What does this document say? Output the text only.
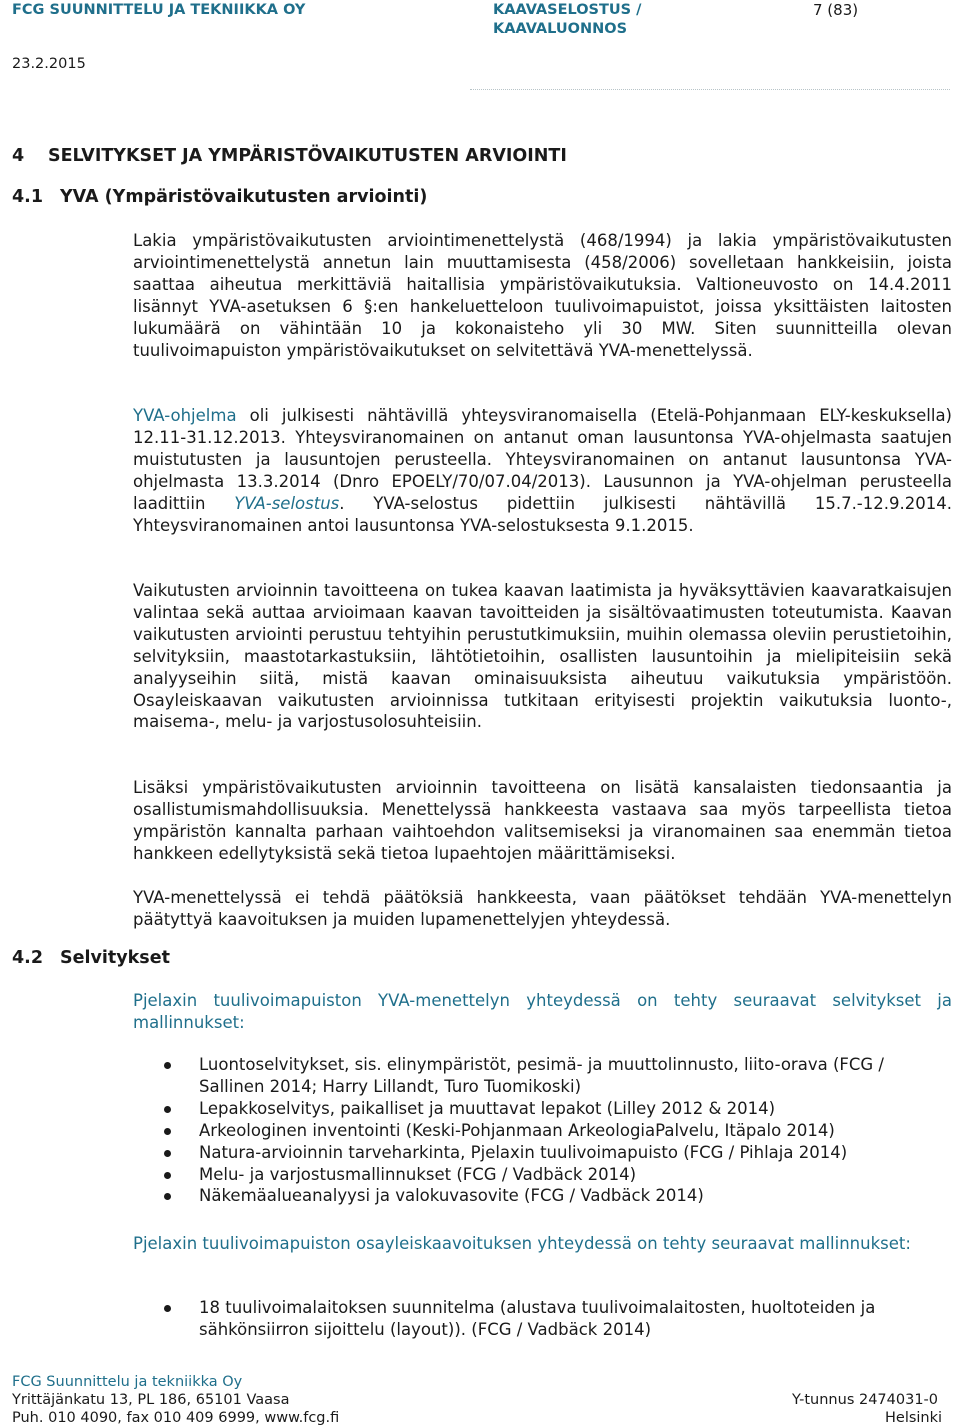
FCG SUUNNITTELU JA TEKNIIKKA OY	KAAVASELOSTUS /
KAAVALUONNOS
7 (83)
23.2.2015
4 SELVITYKSET JA YMPÄRISTÖVAIKUTUSTEN ARVIOINTI
4.1 YVA (Ympäristövaikutusten arviointi)
Lakia ympäristövaikutusten arviointimenettelystä (468/1994) ja lakia ympäristövaikutusten arviointimenettelystä annetun lain muuttamisesta (458/2006) sovelletaan hankkeisiin, joista saattaa aiheutua merkittäviä haitallisia ympäristövaikutuksia. Valtioneuvosto on 14.4.2011 lisännyt YVA-asetuksen 6 §:en hankeluetteloon tuulivoimapuistot, joissa yksittäisten laitosten lukumäärä on vähintään 10 ja kokonaisteho yli 30 MW. Siten suunnitteilla olevan tuulivoimapuiston ympäristövaikutukset on selvitettävä YVA-menettelyssä.
YVA-ohjelma oli julkisesti nähtävillä yhteysviranomaisella (Etelä-Pohjanmaan ELY-keskuksella) 12.11-31.12.2013. Yhteysviranomainen on antanut oman lausuntonsa YVA-ohjelmasta saatujen muistutusten ja lausuntojen perusteella. Yhteysviranomainen on antanut lausuntonsa YVA-ohjelmasta 13.3.2014 (Dnro EPOELY/70/07.04/2013). Lausunnon ja YVA-ohjelman perusteella laadittiin YVA-selostus. YVA-selostus pidettiin julkisesti nähtävillä 15.7.-12.9.2014. Yhteysviranomainen antoi lausuntonsa YVA-selostuksesta 9.1.2015.
Vaikutusten arvioinnin tavoitteena on tukea kaavan laatimista ja hyväksyttävien kaavaratkaisujen valintaa sekä auttaa arvioimaan kaavan tavoitteiden ja sisältövaatimusten toteutumista. Kaavan vaikutusten arviointi perustuu tehtyihin perustutkimuksiin, muihin olemassa oleviin perustietoihin, selvityksiin, maastotarkastuksiin, lähtötietoihin, osallisten lausuntoihin ja mielipiteisiin sekä analyyseihin siitä, mistä kaavan ominaisuuksista aiheutuu vaikutuksia ympäristöön. Osayleiskaavan vaikutusten arvioinnissa tutkitaan erityisesti projektin vaikutuksia luonto-, maisema-, melu- ja varjostusolosuhteisiin.
Lisäksi ympäristövaikutusten arvioinnin tavoitteena on lisätä kansalaisten tiedonsaantia ja osallistumismahdollisuuksia. Menettelyssä hankkeesta vastaava saa myös tarpeellista tietoa ympäristön kannalta parhaan vaihtoehdon valitsemiseksi ja viranomainen saa enemmän tietoa hankkeen edellytyksistä sekä tietoa lupaehtojen määrittämiseksi.
YVA-menettelyssä ei tehdä päätöksiä hankkeesta, vaan päätökset tehdään YVA-menettelyn päätyttyä kaavoituksen ja muiden lupamenettelyjen yhteydessä.
4.2 Selvitykset
Pjelaxin tuulivoimapuiston YVA-menettelyn yhteydessä on tehty seuraavat selvitykset ja mallinnukset:
Luontoselvitykset, sis. elinympäristöt, pesimä- ja muuttolinnusto, liito-orava (FCG / Sallinen 2014; Harry Lillandt, Turo Tuomikoski)
Lepakkoselvitys, paikalliset ja muuttavat lepakot (Lilley 2012 & 2014)
Arkeologinen inventointi (Keski-Pohjanmaan ArkeologiaPalvelu, Itäpalo 2014)
Natura-arvioinnin tarveharkinta, Pjelaxin tuulivoimapuisto (FCG / Pihlaja 2014)
Melu- ja varjostusmallinnukset (FCG / Vadbäck 2014)
Näkemäalueanalyysi ja valokuvasovite (FCG / Vadbäck 2014)
Pjelaxin tuulivoimapuiston osayleiskaavoituksen yhteydessä on tehty seuraavat mallinnukset:
18 tuulivoimalaitoksen suunnitelma (alustava tuulivoimalaitosten, huoltoteiden ja sähkönsiirron sijoittelu (layout)). (FCG / Vadbäck 2014)
FCG Suunnittelu ja tekniikka Oy
Yrittäjänkatu 13, PL 186, 65101 Vaasa
Puh. 010 4090, fax 010 409 6999, www.fcg.fi
Y-tunnus 2474031-0
Helsinki
